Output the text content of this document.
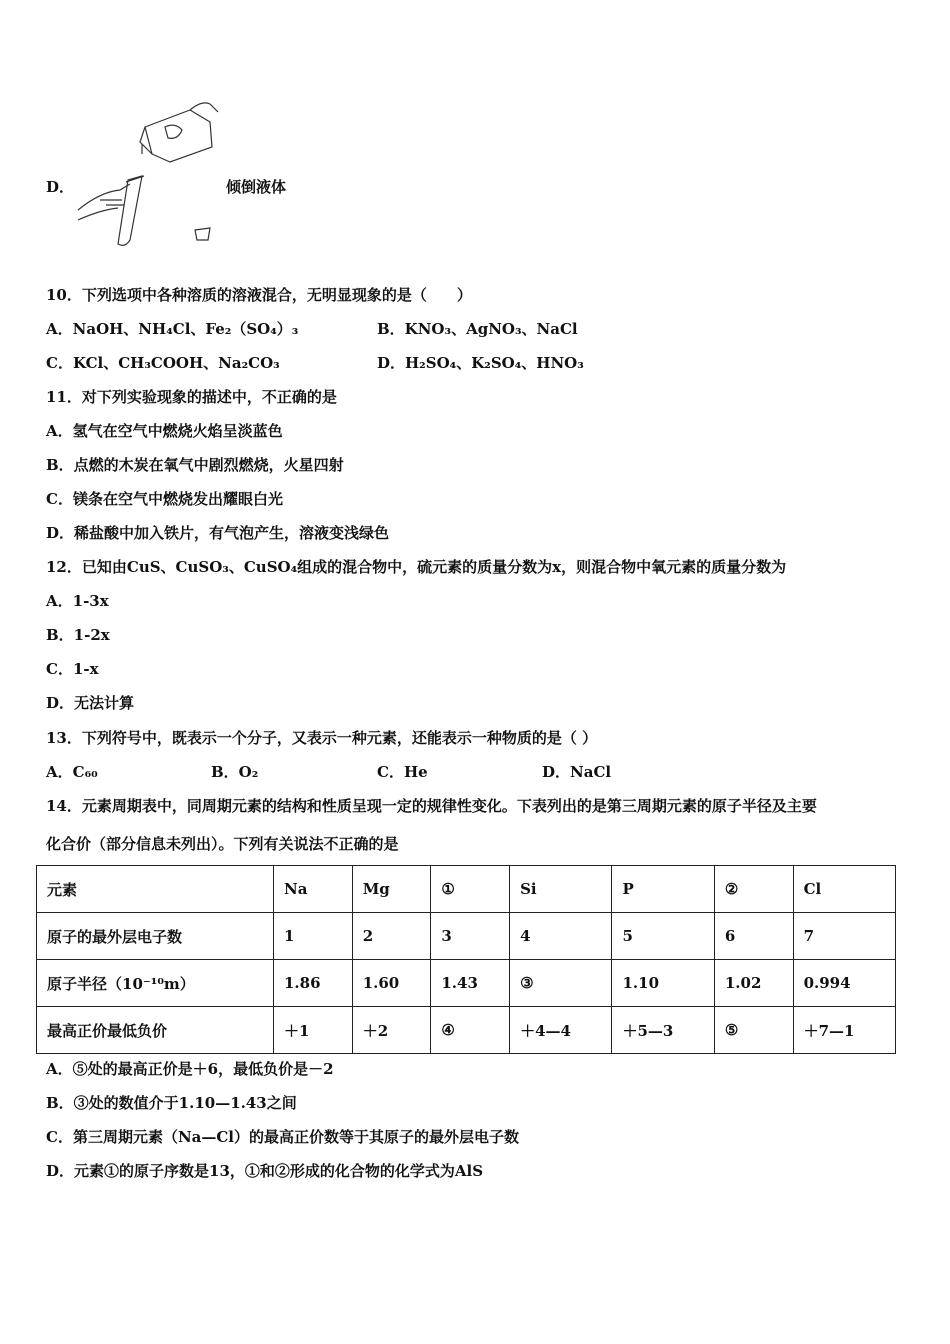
D．	倾倒液体
10．下列选项中各种溶质的溶液混合，无明显现象的是（　　）
A．NaOH、NH₄Cl、Fe₂（SO₄）₃	B．KNO₃、AgNO₃、NaCl
C．KCl、CH₃COOH、Na₂CO₃	D．H₂SO₄、K₂SO₄、HNO₃
11．对下列实验现象的描述中，不正确的是
A．氢气在空气中燃烧火焰呈淡蓝色
B．点燃的木炭在氧气中剧烈燃烧，火星四射
C．镁条在空气中燃烧发出耀眼白光
D．稀盐酸中加入铁片，有气泡产生，溶液变浅绿色
12．已知由CuS、CuSO₃、CuSO₄组成的混合物中，硫元素的质量分数为x，则混合物中氧元素的质量分数为
A．1-3x
B．1-2x
C．1-x
D．无法计算
13．下列符号中，既表示一个分子，又表示一种元素，还能表示一种物质的是（ ）
A．C₆₀	B．O₂	C．He	D．NaCl
14．元素周期表中，同周期元素的结构和性质呈现一定的规律性变化。下表列出的是第三周期元素的原子半径及主要
化合价（部分信息未列出）。下列有关说法不正确的是
元素	Na	Mg	①	Si	P	②	Cl
原子的最外层电子数	1	2	3	4	5	6	7
原子半径（10⁻¹⁰m）	1.86	1.60	1.43	③	1.10	1.02	0.994
最高正价最低负价	＋1	＋2	④	＋4—4	＋5—3	⑤	＋7—1
A．⑤处的最高正价是＋6，最低负价是－2
B．③处的数值介于1.10—1.43之间
C．第三周期元素（Na—Cl）的最高正价数等于其原子的最外层电子数
D．元素①的原子序数是13，①和②形成的化合物的化学式为AlS
